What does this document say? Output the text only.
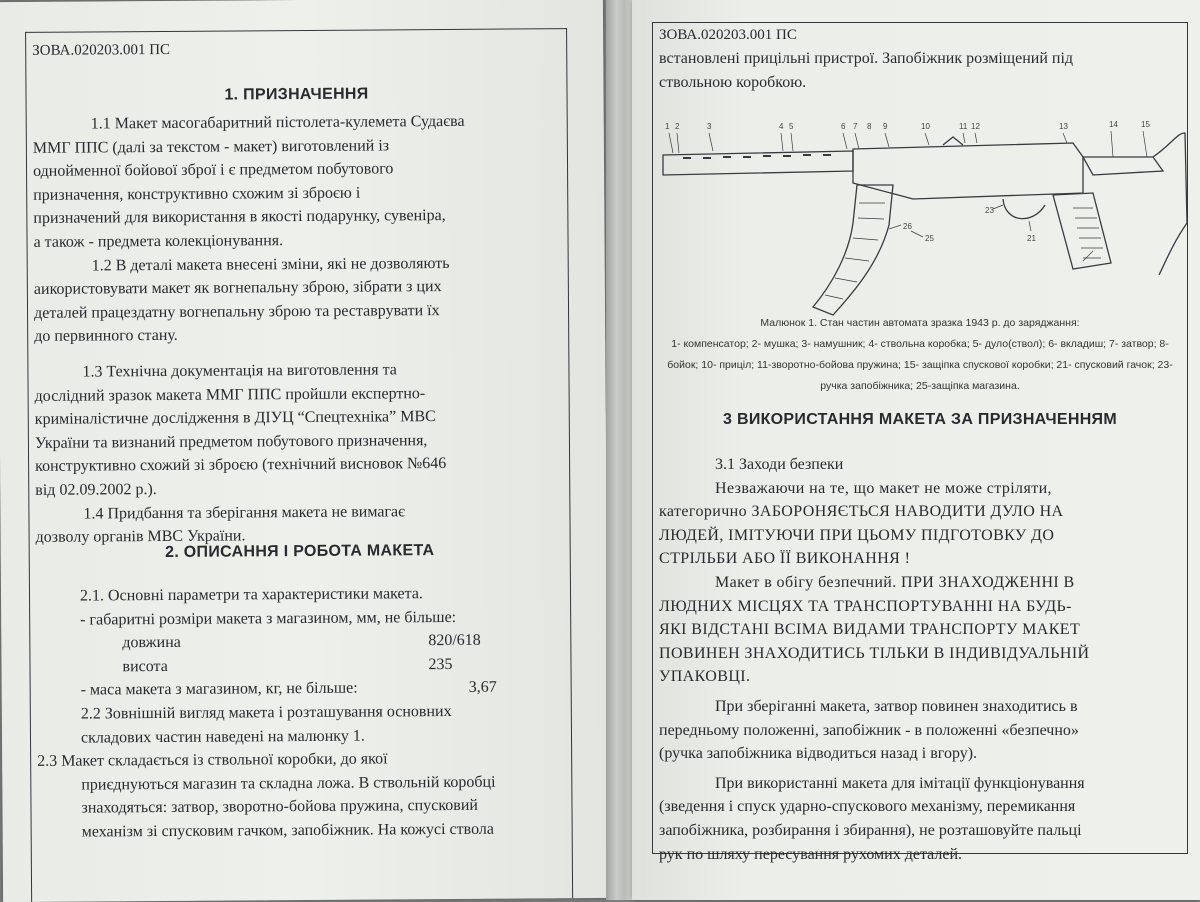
ЗОВА.020203.001 ПС
1. ПРИЗНАЧЕННЯ
1.1 Макет масогабаритний пістолета-кулемета Судаєва
ММГ ППС (далі за текстом - макет) виготовлений із
однойменної бойової зброї і є предметом побутового
призначення, конструктивно схожим зі зброєю і
призначений для використання в якості подарунку, сувеніра,
а також - предмета колекціонування.
1.2 В деталі макета внесені зміни, які не дозволяють
аикористовувати макет як вогнепальну зброю, зібрати з цих
деталей працездатну вогнепальну зброю та реставрувати їх
до первинного стану.
1.3 Технічна документація на виготовлення та
дослідний зразок макета ММГ ППС пройшли експертно-
криміналістичне дослідження в ДІУЦ “Спецтехніка” МВС
України та визнаний предметом побутового призначення,
конструктивно схожий зі зброєю (технічний висновок №646
від 02.09.2002 р.).
1.4 Придбання та зберігання макета не вимагає
дозволу органів МВС України.
2. ОПИСАННЯ І РОБОТА МАКЕТА
2.1. Основні параметри та характеристики макета.
- габаритні розміри макета з магазином, мм, не більше:
довжина	820/618
висота	235
- маса макета з магазином, кг, не більше:	3,67
2.2 Зовнішній вигляд макета і розташування основних
складових частин наведені на малюнку 1.
2.3 Макет складається із ствольної коробки, до якої
приєднуються магазин та складна ложа. В ствольній коробці
знаходяться: затвор, зворотно-бойова пружина, спусковий
механізм зі спусковим гачком, запобіжник. На кожусі ствола
ЗОВА.020203.001 ПС
встановлені прицільні пристрої. Запобіжник розміщений під
ствольною коробкою.
1 2	3	4 5	6 7 8 9	10	11 12	13	14	15
21
23
25
26
Малюнок 1. Стан частин автомата зразка 1943 р. до заряджання:
1- компенсатор; 2- мушка; 3- намушник; 4- ствольна коробка; 5- дуло(ствол); 6- вкладиш; 7- затвор; 8-
бойок; 10- приціл; 11-зворотно-бойова пружина; 15- защіпка спускової коробки; 21- спусковий гачок; 23-
ручка запобіжника; 25-защіпка магазина.
3 ВИКОРИСТАННЯ МАКЕТА ЗА ПРИЗНАЧЕННЯМ
3.1 Заходи безпеки
Незважаючи на те, що макет не може стріляти,
категорично ЗАБОРОНЯЄТЬСЯ НАВОДИТИ ДУЛО НА
ЛЮДЕЙ, ІМІТУЮЧИ ПРИ ЦЬОМУ ПІДГОТОВКУ ДО
СТРІЛЬБИ АБО ЇЇ ВИКОНАННЯ !
Макет в обігу безпечний. ПРИ ЗНАХОДЖЕННІ В
ЛЮДНИХ МІСЦЯХ ТА ТРАНСПОРТУВАННІ НА БУДЬ-
ЯКІ ВІДСТАНІ ВСІМА ВИДАМИ ТРАНСПОРТУ МАКЕТ
ПОВИНЕН ЗНАХОДИТИСЬ ТІЛЬКИ В ІНДИВІДУАЛЬНІЙ
УПАКОВЦІ.
При зберіганні макета, затвор повинен знаходитись в
передньому положенні, запобіжник - в положенні «безпечно»
(ручка запобіжника відводиться назад і вгору).
При використанні макета для імітації функціонування
(зведення і спуск ударно-спускового механізму, перемикання
запобіжника, розбирання і збирання), не розташовуйте пальці
рук по шляху пересування рухомих деталей.
